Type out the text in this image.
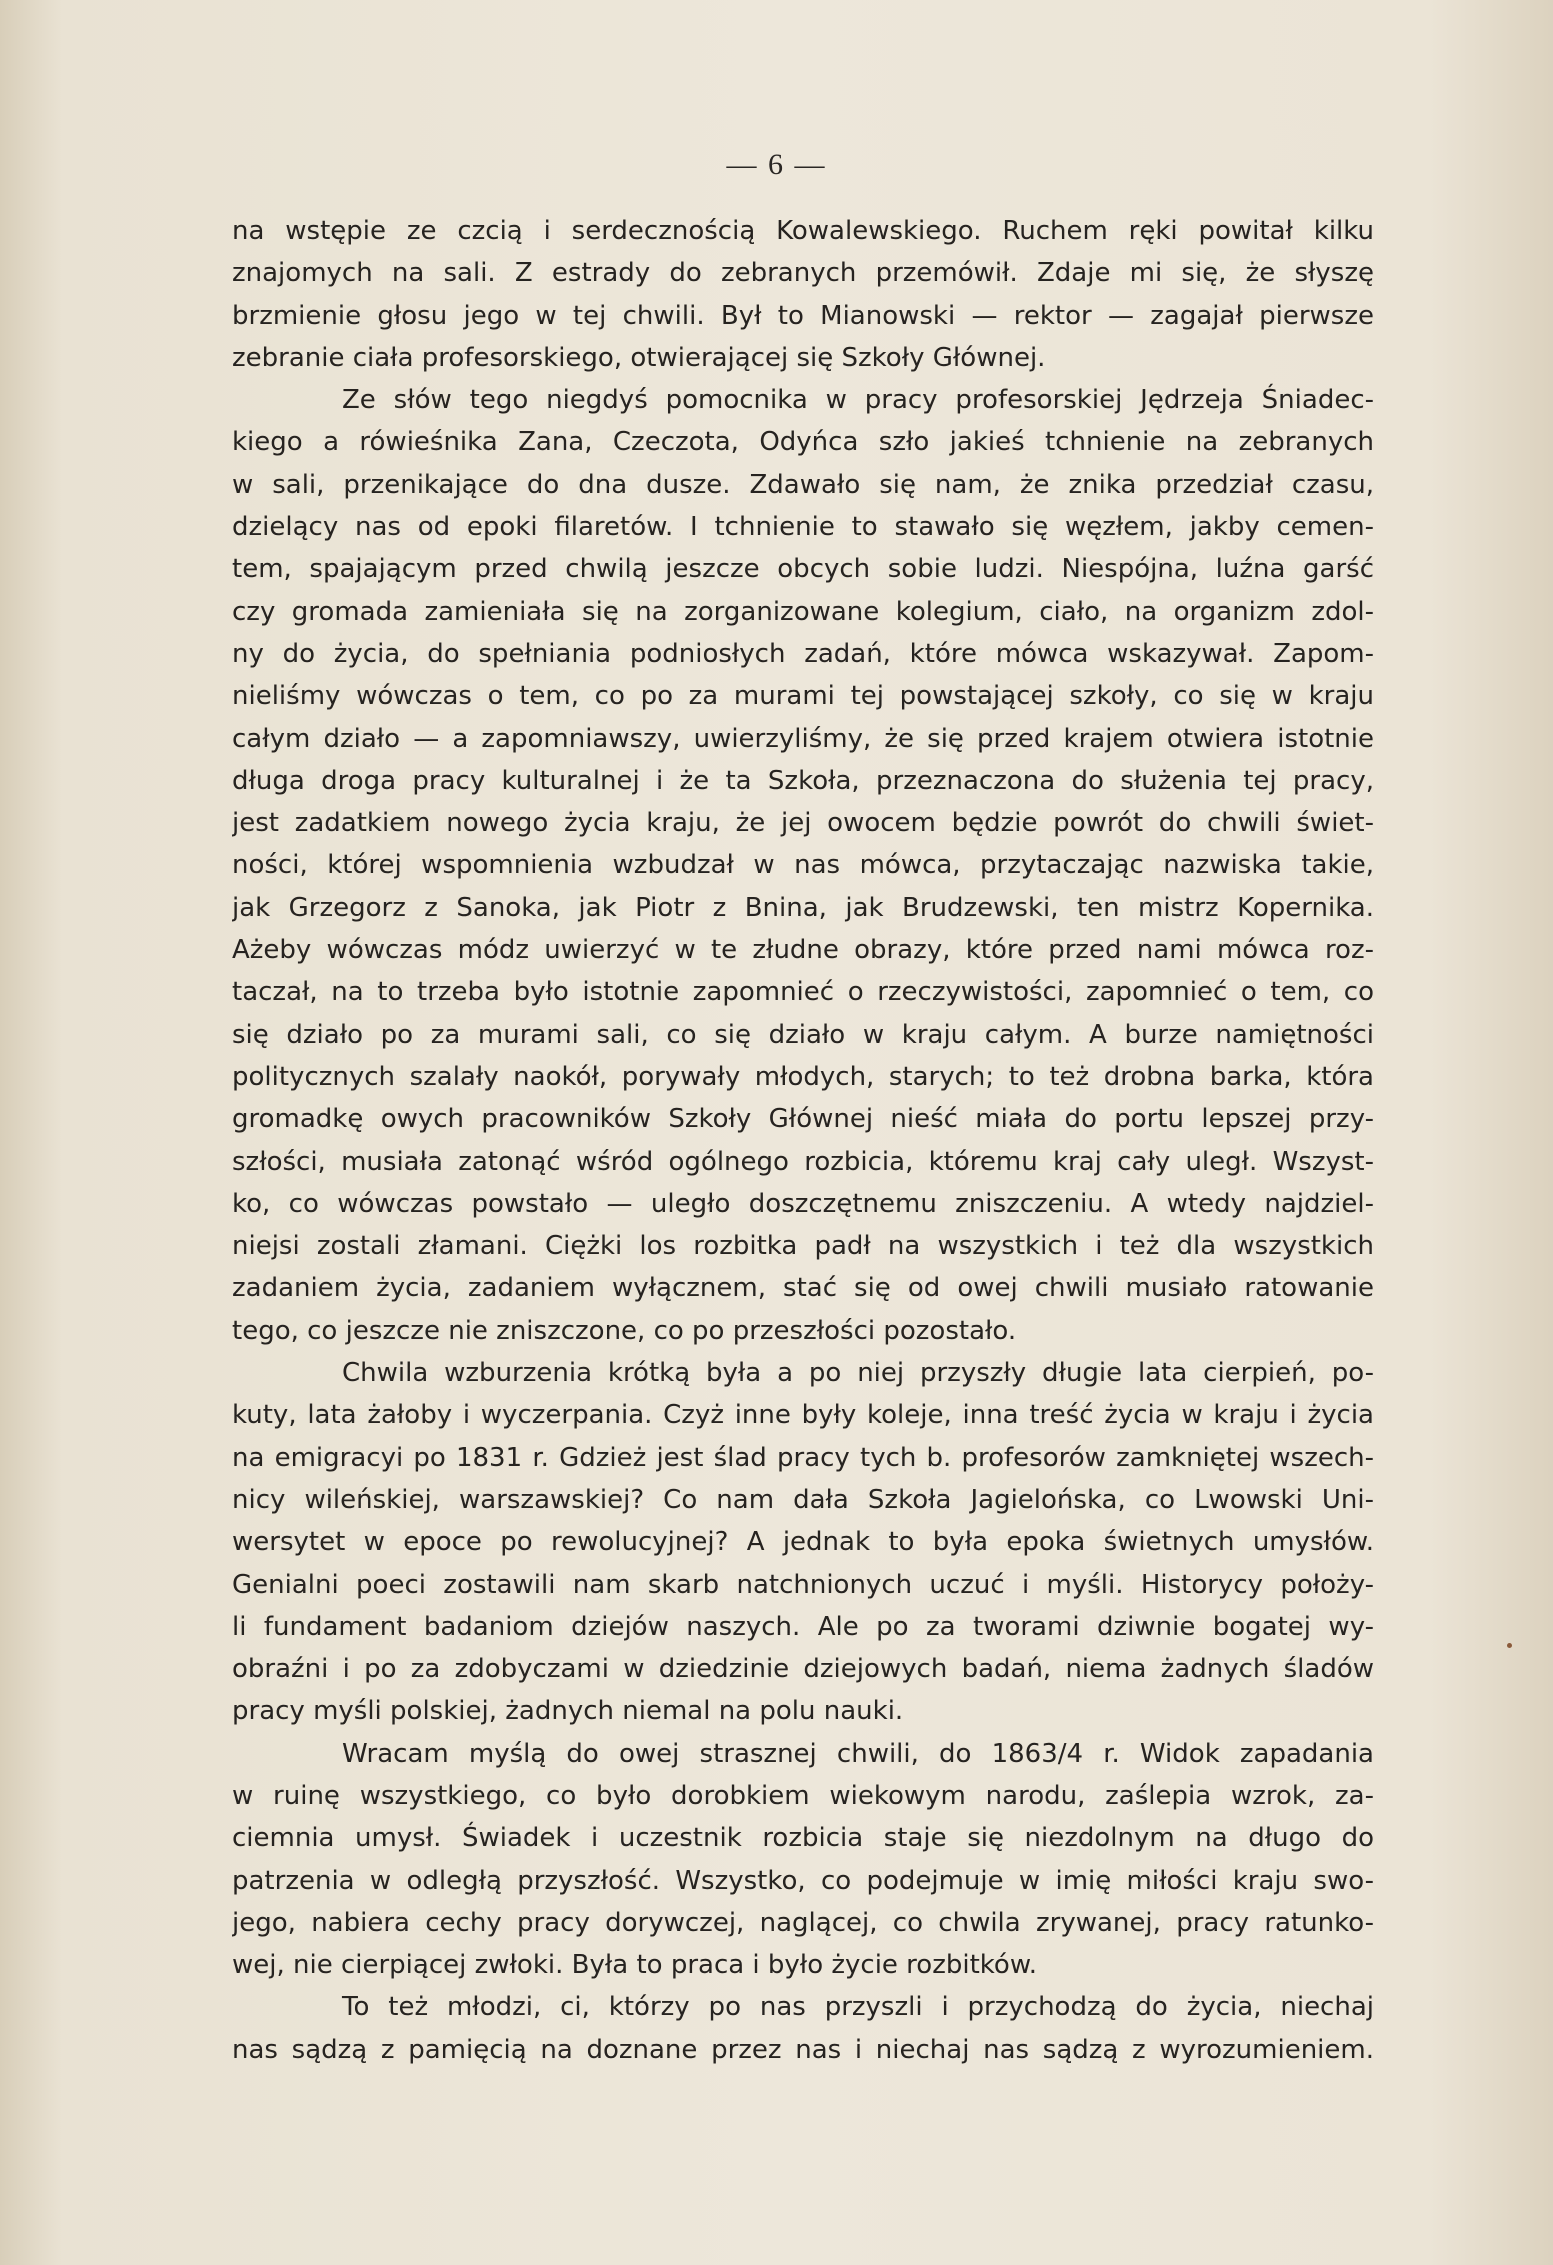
— 6 —
na wstępie ze czcią i serdecznością Kowalewskiego. Ruchem ręki powitał kilku
znajomych na sali. Z estrady do zebranych przemówił. Zdaje mi się, że słyszę
brzmienie głosu jego w tej chwili. Był to Mianowski — rektor — zagajał pierwsze
zebranie ciała profesorskiego, otwierającej się Szkoły Głównej.
Ze słów tego niegdyś pomocnika w pracy profesorskiej Jędrzeja Śniadec-
kiego a rówieśnika Zana, Czeczota, Odyńca szło jakieś tchnienie na zebranych
w sali, przenikające do dna dusze. Zdawało się nam, że znika przedział czasu,
dzielący nas od epoki filaretów. I tchnienie to stawało się węzłem, jakby cemen-
tem, spajającym przed chwilą jeszcze obcych sobie ludzi. Niespójna, luźna garść
czy gromada zamieniała się na zorganizowane kolegium, ciało, na organizm zdol-
ny do życia, do spełniania podniosłych zadań, które mówca wskazywał. Zapom-
nieliśmy wówczas o tem, co po za murami tej powstającej szkoły, co się w kraju
całym działo — a zapomniawszy, uwierzyliśmy, że się przed krajem otwiera istotnie
długa droga pracy kulturalnej i że ta Szkoła, przeznaczona do służenia tej pracy,
jest zadatkiem nowego życia kraju, że jej owocem będzie powrót do chwili świet-
ności, której wspomnienia wzbudzał w nas mówca, przytaczając nazwiska takie,
jak Grzegorz z Sanoka, jak Piotr z Bnina, jak Brudzewski, ten mistrz Kopernika.
Ażeby wówczas módz uwierzyć w te złudne obrazy, które przed nami mówca roz-
taczał, na to trzeba było istotnie zapomnieć o rzeczywistości, zapomnieć o tem, co
się działo po za murami sali, co się działo w kraju całym. A burze namiętności
politycznych szalały naokół, porywały młodych, starych; to też drobna barka, która
gromadkę owych pracowników Szkoły Głównej nieść miała do portu lepszej przy-
szłości, musiała zatonąć wśród ogólnego rozbicia, któremu kraj cały uległ. Wszyst-
ko, co wówczas powstało — uległo doszczętnemu zniszczeniu. A wtedy najdziel-
niejsi zostali złamani. Ciężki los rozbitka padł na wszystkich i też dla wszystkich
zadaniem życia, zadaniem wyłącznem, stać się od owej chwili musiało ratowanie
tego, co jeszcze nie zniszczone, co po przeszłości pozostało.
Chwila wzburzenia krótką była a po niej przyszły długie lata cierpień, po-
kuty, lata żałoby i wyczerpania. Czyż inne były koleje, inna treść życia w kraju i życia
na emigracyi po 1831 r. Gdzież jest ślad pracy tych b. profesorów zamkniętej wszech-
nicy wileńskiej, warszawskiej? Co nam dała Szkoła Jagielońska, co Lwowski Uni-
wersytet w epoce po rewolucyjnej? A jednak to była epoka świetnych umysłów.
Genialni poeci zostawili nam skarb natchnionych uczuć i myśli. Historycy położy-
li fundament badaniom dziejów naszych. Ale po za tworami dziwnie bogatej wy-
obraźni i po za zdobyczami w dziedzinie dziejowych badań, niema żadnych śladów
pracy myśli polskiej, żadnych niemal na polu nauki.
Wracam myślą do owej strasznej chwili, do 1863/4 r. Widok zapadania
w ruinę wszystkiego, co było dorobkiem wiekowym narodu, zaślepia wzrok, za-
ciemnia umysł. Świadek i uczestnik rozbicia staje się niezdolnym na długo do
patrzenia w odległą przyszłość. Wszystko, co podejmuje w imię miłości kraju swo-
jego, nabiera cechy pracy dorywczej, naglącej, co chwila zrywanej, pracy ratunko-
wej, nie cierpiącej zwłoki. Była to praca i było życie rozbitków.
To też młodzi, ci, którzy po nas przyszli i przychodzą do życia, niechaj
nas sądzą z pamięcią na doznane przez nas i niechaj nas sądzą z wyrozumieniem.
